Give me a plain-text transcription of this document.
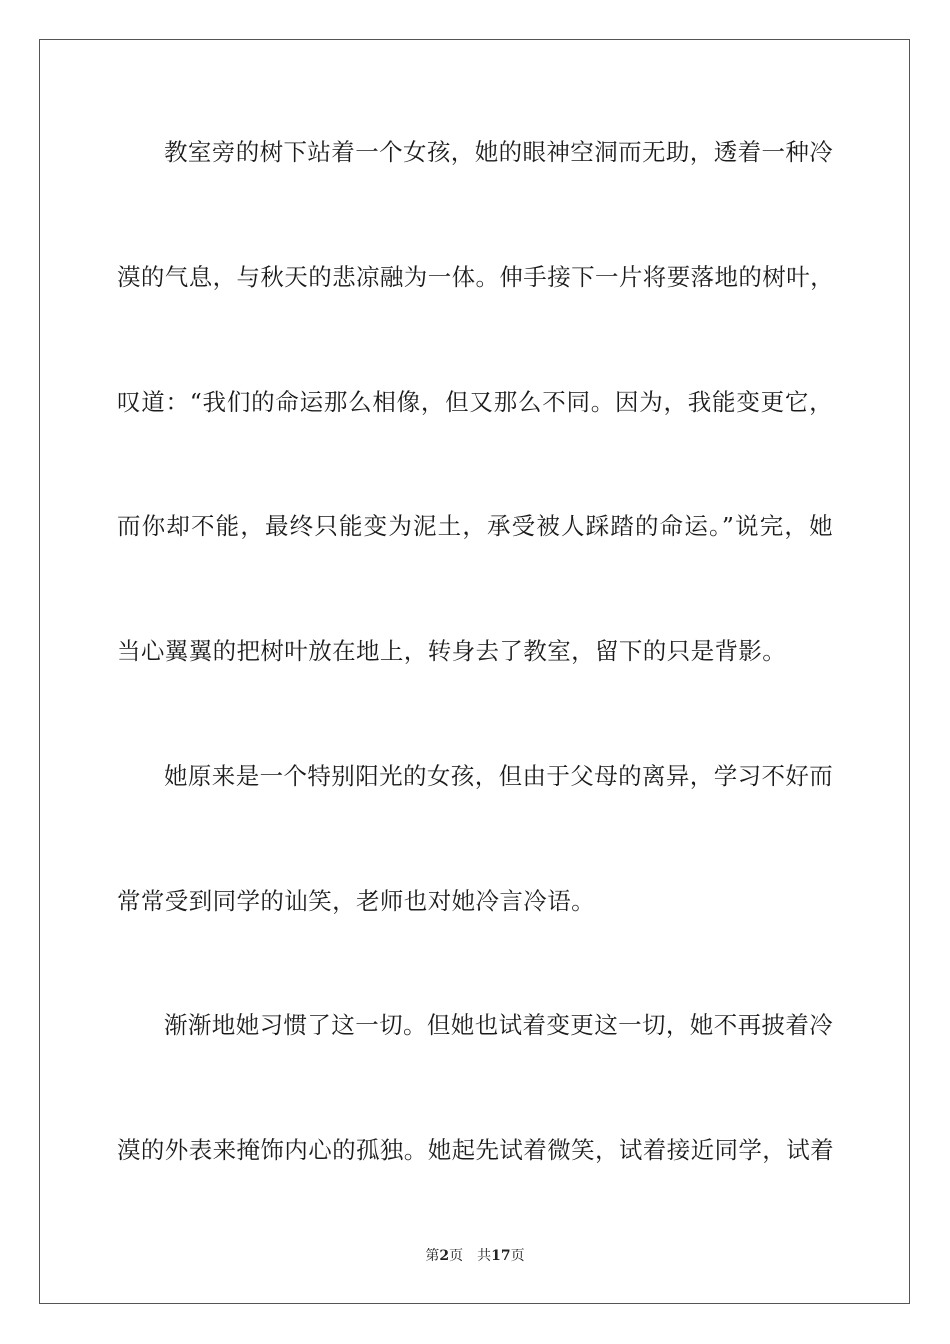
教室旁的树下站着一个女孩，她的眼神空洞而无助，透着一种冷
漠的气息，与秋天的悲凉融为一体。伸手接下一片将要落地的树叶，
叹道：“我们的命运那么相像，但又那么不同。因为，我能变更它，
而你却不能，最终只能变为泥土，承受被人踩踏的命运。”说完，她
当心翼翼的把树叶放在地上，转身去了教室，留下的只是背影。
她原来是一个特别阳光的女孩，但由于父母的离异，学习不好而
常常受到同学的讪笑，老师也对她冷言冷语。
渐渐地她习惯了这一切。但她也试着变更这一切，她不再披着冷
漠的外表来掩饰内心的孤独。她起先试着微笑，试着接近同学，试着
第2页 共17页
